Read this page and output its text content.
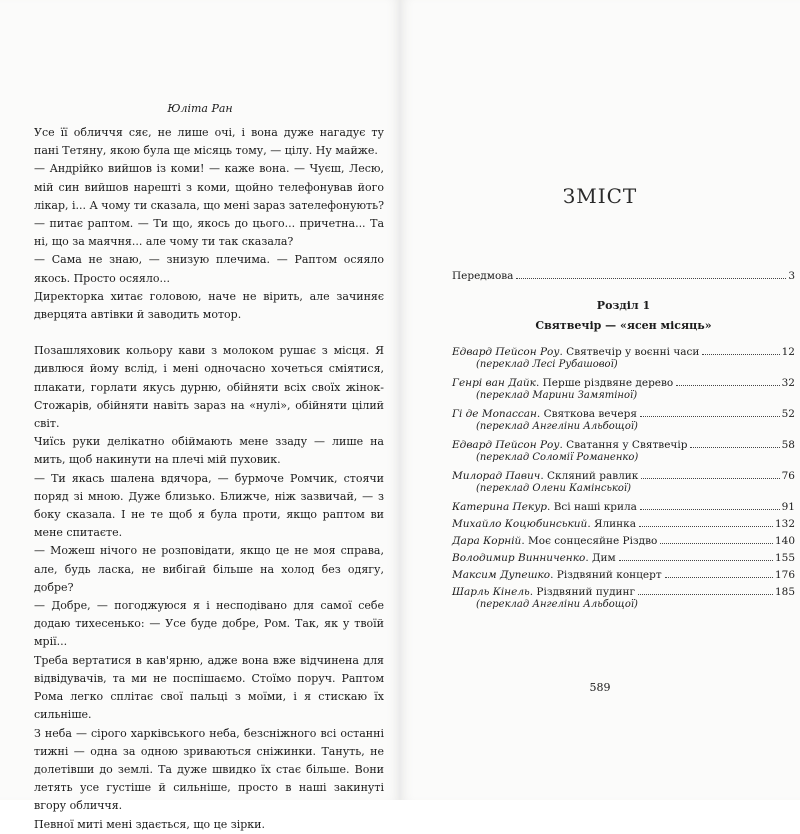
Юліта Ран

Усе її обличчя сяє, не лише очі, і вона дуже нагадує ту пані Тетяну, якою була ще місяць тому, — цілу. Ну майже.

— Андрійко вийшов із коми! — каже вона. — Чуєш, Лесю, мій син вийшов нарешті з коми, щойно телефонував його лікар, і... А чому ти сказала, що мені зараз зателефонують? — питає раптом. — Ти що, якось до цього... причетна... Та ні, що за маячня... але чому ти так сказала?

— Сама не знаю, — знизую плечима. — Раптом осяяло якось. Просто осяяло...

Директорка хитає головою, наче не вірить, але зачиняє дверцята автівки й заводить мотор.

Позашляховик кольору кави з молоком рушає з місця. Я дивлюся йому вслід, і мені одночасно хочеться сміятися, плакати, горлати якусь дурню, обійняти всіх своїх жінок-Стожарів, обійняти навіть зараз на «нулі», обійняти цілий світ.

Чиїсь руки делікатно обіймають мене ззаду — лише на мить, щоб накинути на плечі мій пуховик.

— Ти якась шалена вдячора, — бурмоче Ромчик, стоячи поряд зі мною. Дуже близько. Ближче, ніж зазвичай, — з боку сказала. І не те щоб я була проти, якщо раптом ви мене спитаєте.

— Можеш нічого не розповідати, якщо це не моя справа, але, будь ласка, не вибігай більше на холод без одягу, добре?

— Добре, — погоджуюся я і несподівано для самої себе додаю тихесенько: — Усе буде добре, Ром. Так, як у твоїй мрії...

Треба вертатися в кав'ярню, адже вона вже відчинена для відвідувачів, та ми не поспішаємо. Стоїмо поруч. Раптом Рома легко сплітає свої пальці з моїми, і я стискаю їх сильніше.

З неба — сірого харківського неба, безсніжного всі останні тижні — одна за одною зриваються сніжинки. Тануть, не долетівши до землі. Та дуже швидко їх стає більше. Вони летять усе густіше й сильніше, просто в наші закинуті вгору обличчя.

Певної миті мені здається, що це зірки.

ЗМІСТ
Передмова	3
Розділ 1
Святвечір — «ясен місяць»
Едвард Пейсон Роу. Святвечір у воєнні часи	12
(переклад Лесі Рубашової)
Генрі ван Дайк. Перше різдвяне дерево	32
(переклад Марини Замятіної)
Гі де Мопассан. Святкова вечеря	52
(переклад Ангеліни Альбощої)
Едвард Пейсон Роу. Сватання у Святвечір	58
(переклад Соломії Романенко)
Милорад Павич. Скляний равлик	76
(переклад Олени Камінської)
Катерина Пекур. Всі наші крила	91
Михайло Коцюбинський. Ялинка	132
Дара Корній. Моє сонцесяйне Різдво	140
Володимир Винниченко. Дим	155
Максим Дупешко. Різдвяний концерт	176
Шарль Кінель. Різдвяний пудинг	185
(переклад Ангеліни Альбощої)
589
